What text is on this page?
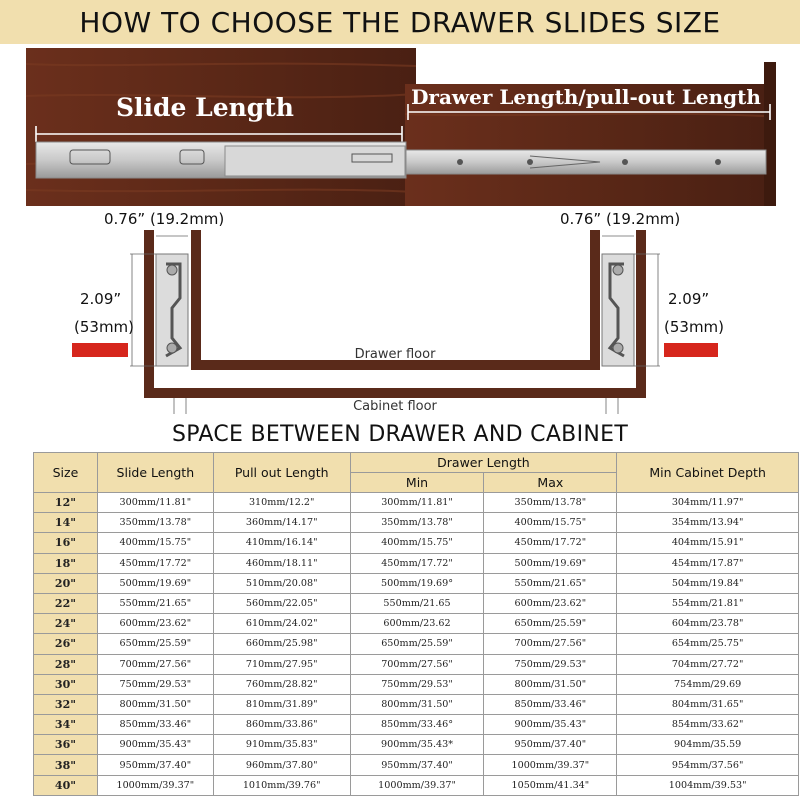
HOW TO CHOOSE THE DRAWER SLIDES SIZE
Slide Length	Drawer Length/pull-out Length
Drawer floor
Cabinet floor
0.76” (19.2mm)	0.76” (19.2mm)
2.09”
(53mm)
2.09”
(53mm)
SPACE BETWEEN DRAWER AND CABINET
Size	Slide Length	Pull out Length	Drawer Length		Min Cabinet Depth
			Min	Max	
12"	300mm/11.81"	310mm/12.2"	300mm/11.81"	350mm/13.78"	304mm/11.97"
14"	350mm/13.78"	360mm/14.17"	350mm/13.78"	400mm/15.75"	354mm/13.94"
16"	400mm/15.75"	410mm/16.14"	400mm/15.75"	450mm/17.72"	404mm/15.91"
18"	450mm/17.72"	460mm/18.11"	450mm/17.72"	500mm/19.69"	454mm/17.87"
20"	500mm/19.69"	510mm/20.08"	500mm/19.69°	550mm/21.65"	504mm/19.84"
22"	550mm/21.65"	560mm/22.05"	550mm/21.65	600mm/23.62"	554mm/21.81"
24"	600mm/23.62"	610mm/24.02"	600mm/23.62	650mm/25.59"	604mm/23.78"
26"	650mm/25.59"	660mm/25.98"	650mm/25.59"	700mm/27.56"	654mm/25.75"
28"	700mm/27.56"	710mm/27.95"	700mm/27.56"	750mm/29.53"	704mm/27.72"
30"	750mm/29.53"	760mm/28.82"	750mm/29.53"	800mm/31.50"	754mm/29.69
32"	800mm/31.50"	810mm/31.89"	800mm/31.50"	850mm/33.46"	804mm/31.65"
34"	850mm/33.46"	860mm/33.86"	850mm/33.46°	900mm/35.43"	854mm/33.62"
36"	900mm/35.43"	910mm/35.83"	900mm/35.43*	950mm/37.40"	904mm/35.59
38"	950mm/37.40"	960mm/37.80"	950mm/37.40"	1000mm/39.37"	954mm/37.56"
40"	1000mm/39.37"	1010mm/39.76"	1000mm/39.37"	1050mm/41.34"	1004mm/39.53"
